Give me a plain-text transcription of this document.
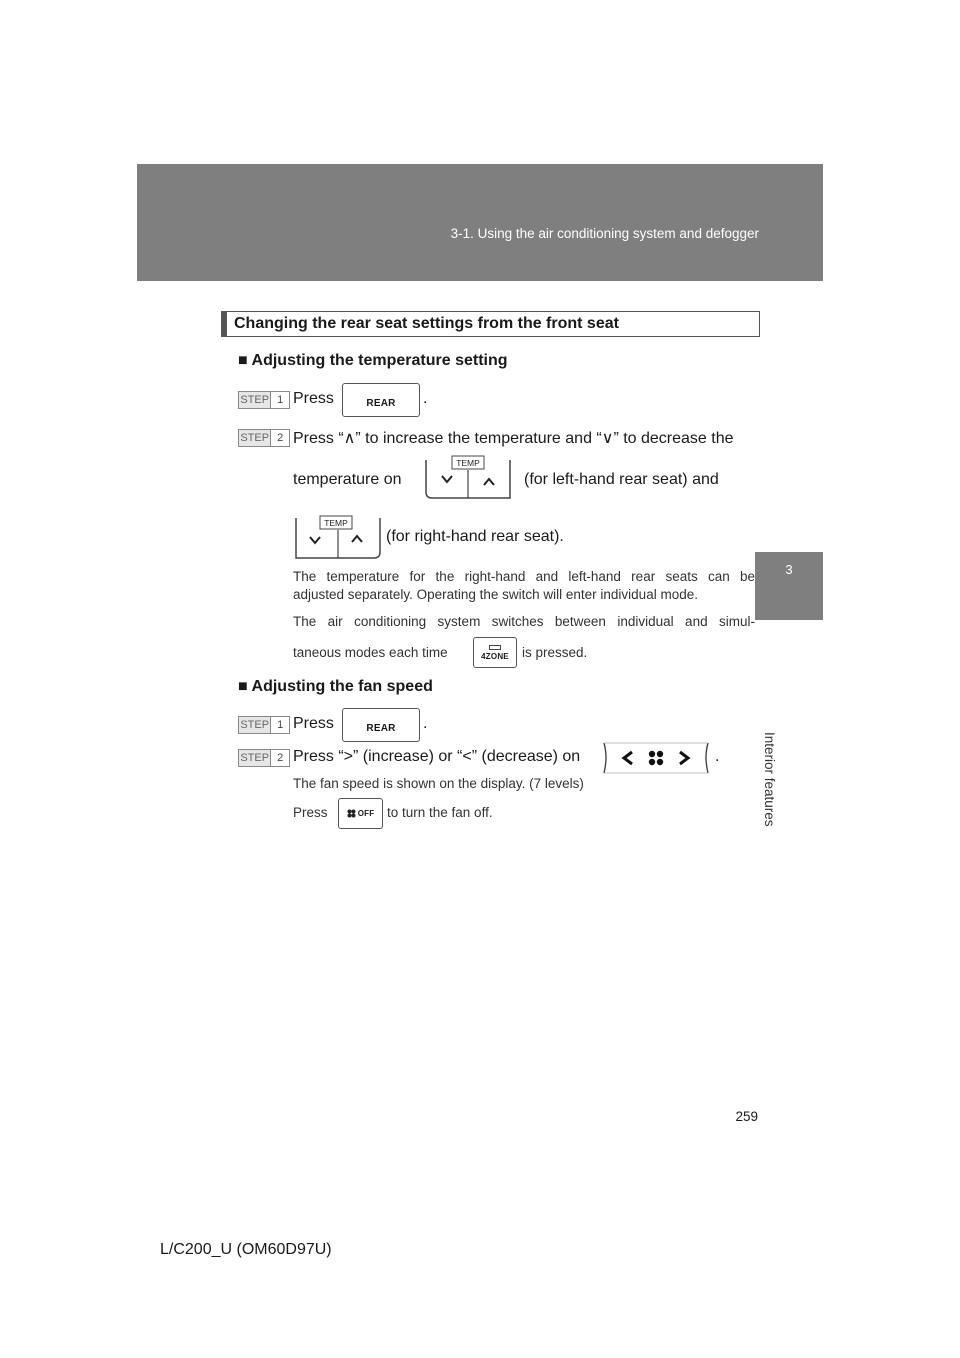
3-1. Using the air conditioning system and defogger
3
Interior features
Changing the rear seat settings from the front seat
■ Adjusting the temperature setting
STEP 1 Press	REAR .
STEP 2 Press “∧” to increase the temperature and “∨” to decrease the
temperature on
TEMP
(for left-hand rear seat) and
TEMP
(for right-hand rear seat).
The temperature for the right-hand and left-hand rear seats can be
adjusted separately. Operating the switch will enter individual mode.
The air conditioning system switches between individual and simul-
taneous modes each time	4ZONE is pressed.
■ Adjusting the fan speed
STEP 1 Press	REAR .
STEP 2 Press “>” (increase) or “<” (decrease) on	.
The fan speed is shown on the display. (7 levels)
Press	OFF to turn the fan off.
259
L/C200_U (OM60D97U)
